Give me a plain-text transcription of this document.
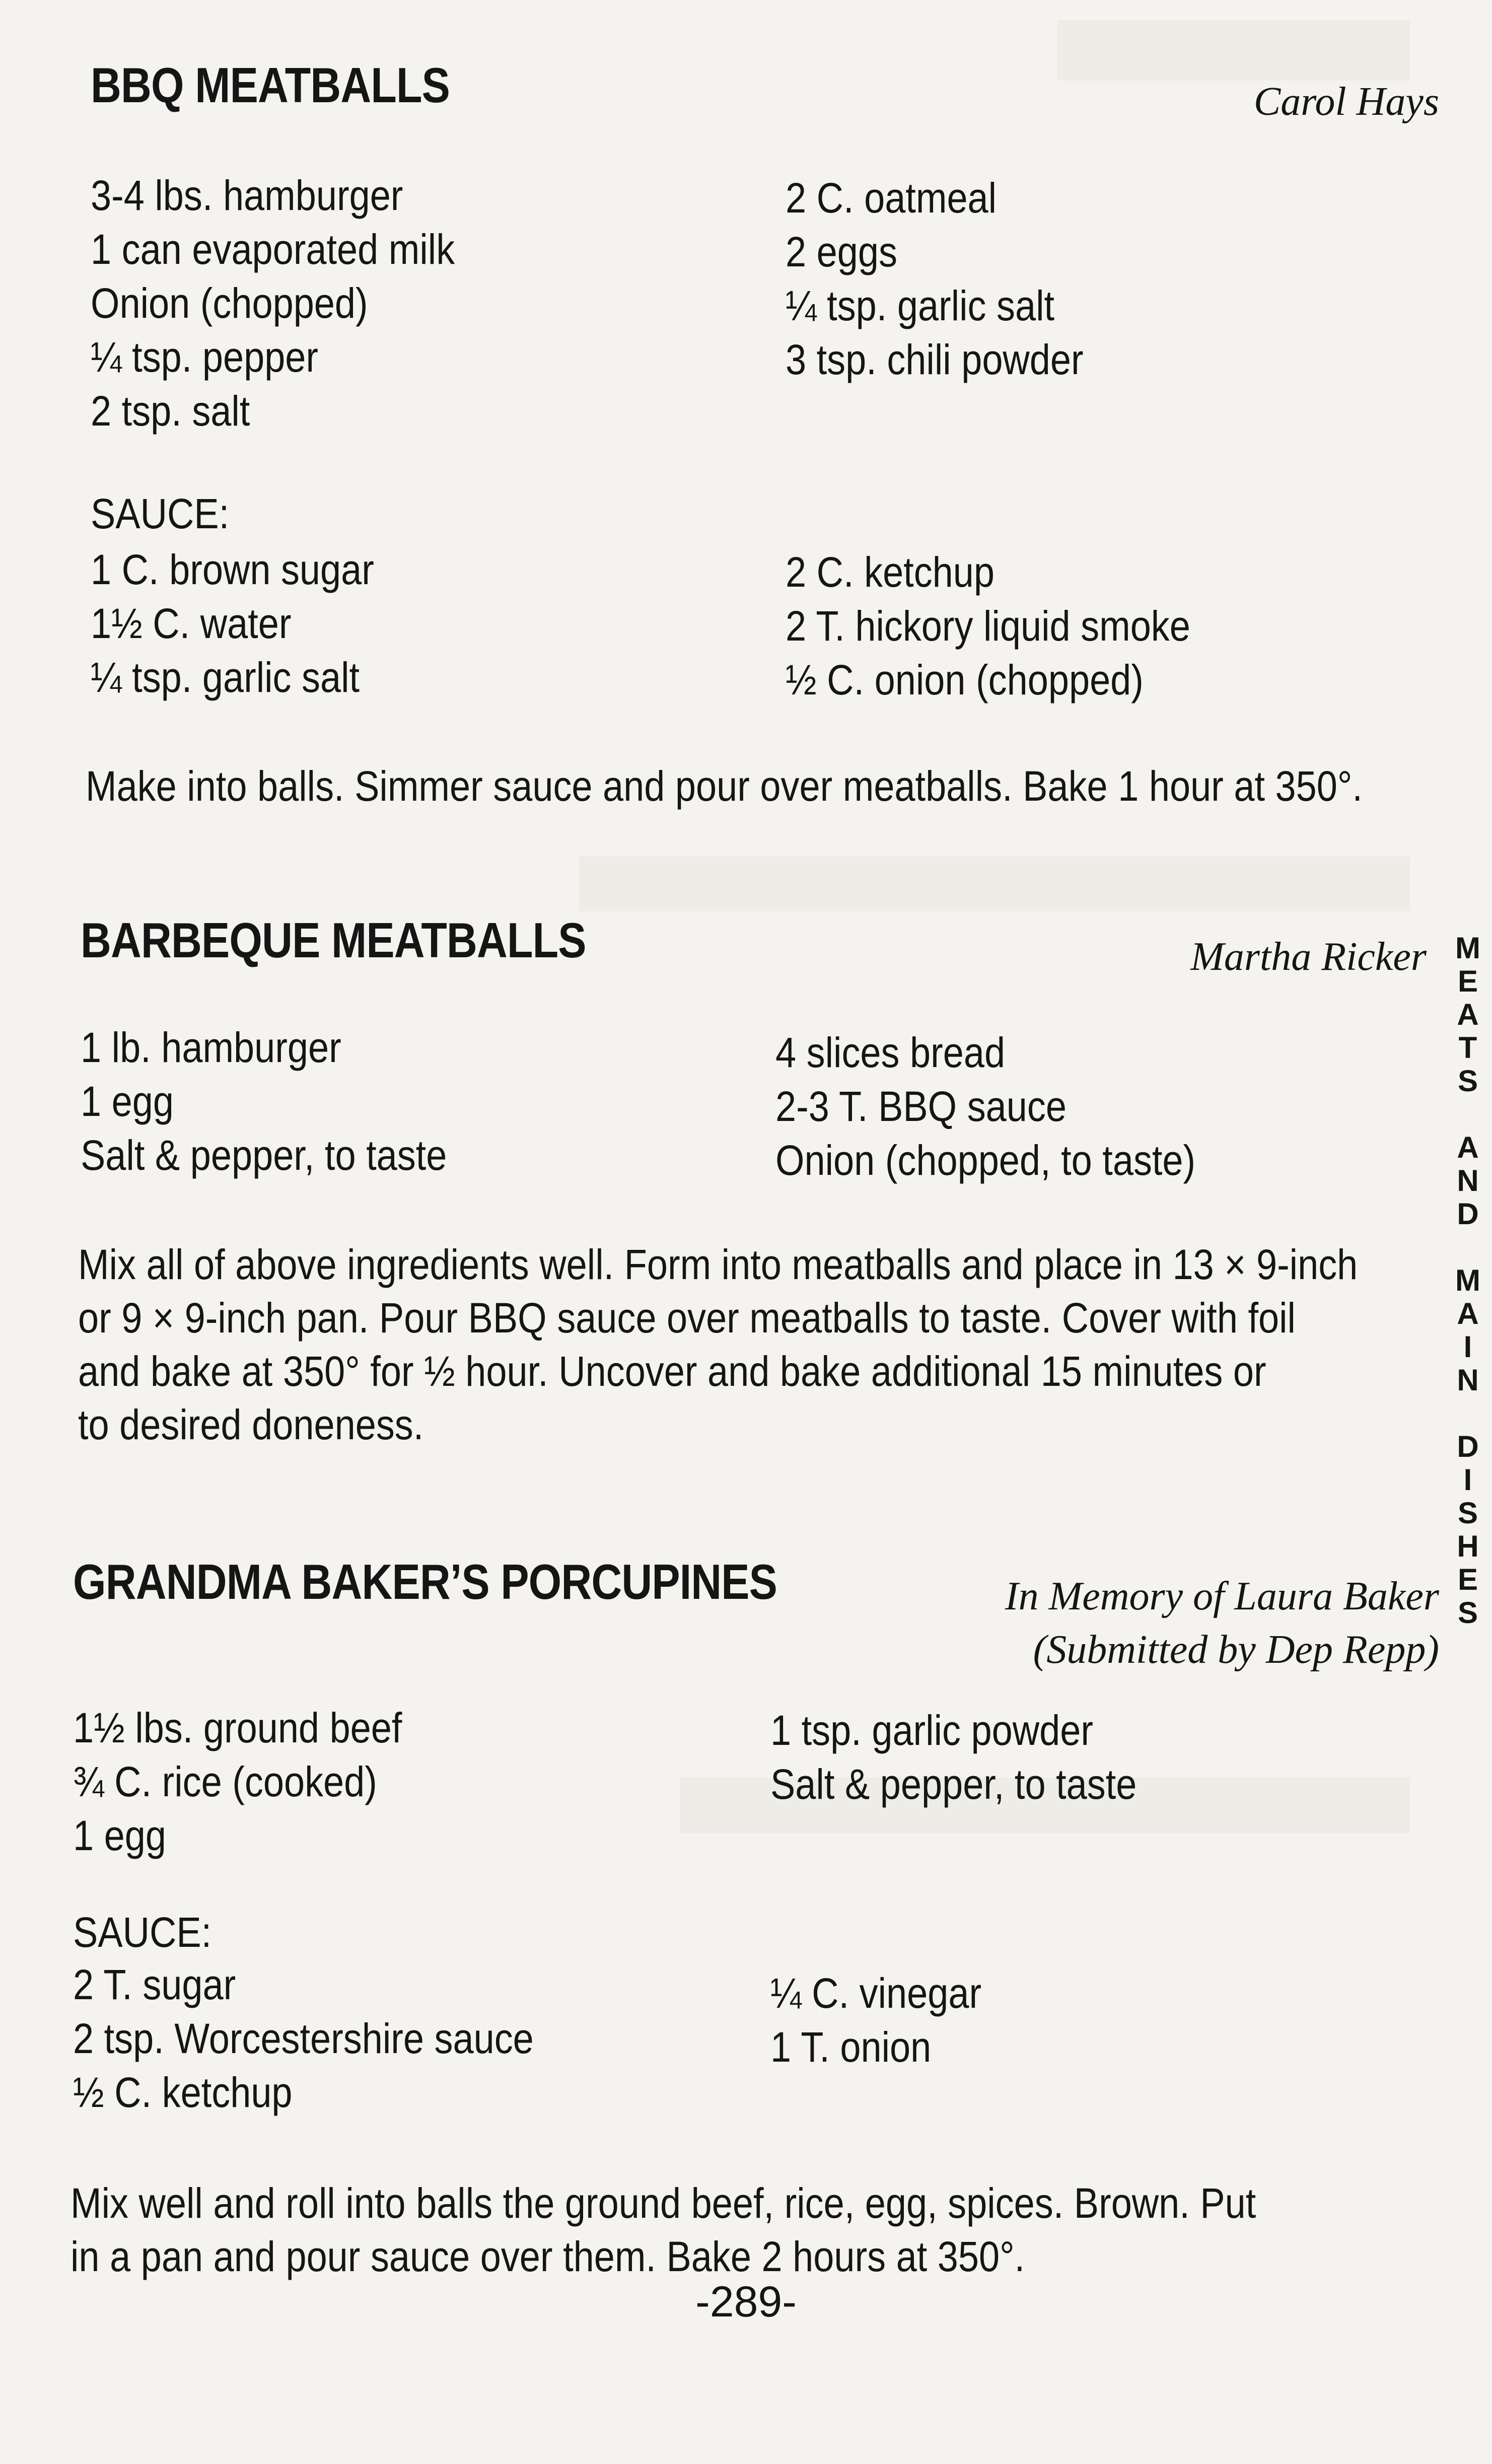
BBQ MEATBALLS	Carol Hays
3-4 lbs. hamburger
1 can evaporated milk
Onion (chopped)
¼ tsp. pepper
2 tsp. salt
2 C. oatmeal
2 eggs
¼ tsp. garlic salt
3 tsp. chili powder
SAUCE:
1 C. brown sugar
1½ C. water
¼ tsp. garlic salt
2 C. ketchup
2 T. hickory liquid smoke
½ C. onion (chopped)
Make into balls. Simmer sauce and pour over meatballs. Bake 1 hour at 350°.
BARBEQUE MEATBALLS	Martha Ricker
1 lb. hamburger
1 egg
Salt & pepper, to taste
4 slices bread
2-3 T. BBQ sauce
Onion (chopped, to taste)
Mix all of above ingredients well. Form into meatballs and place in 13 × 9-inch
or 9 × 9-inch pan. Pour BBQ sauce over meatballs to taste. Cover with foil
and bake at 350° for ½ hour. Uncover and bake additional 15 minutes or
to desired doneness.
GRANDMA BAKER’S PORCUPINES	In Memory of Laura Baker
(Submitted by Dep Repp)
1½ lbs. ground beef
¾ C. rice (cooked)
1 egg
1 tsp. garlic powder
Salt & pepper, to taste
SAUCE:
2 T. sugar
2 tsp. Worcestershire sauce
½ C. ketchup
¼ C. vinegar
1 T. onion
Mix well and roll into balls the ground beef, rice, egg, spices. Brown. Put
in a pan and pour sauce over them. Bake 2 hours at 350°.
-289-
M
E
A
T
S
A
N
D
M
A
I
N
D
I
S
H
E
S
